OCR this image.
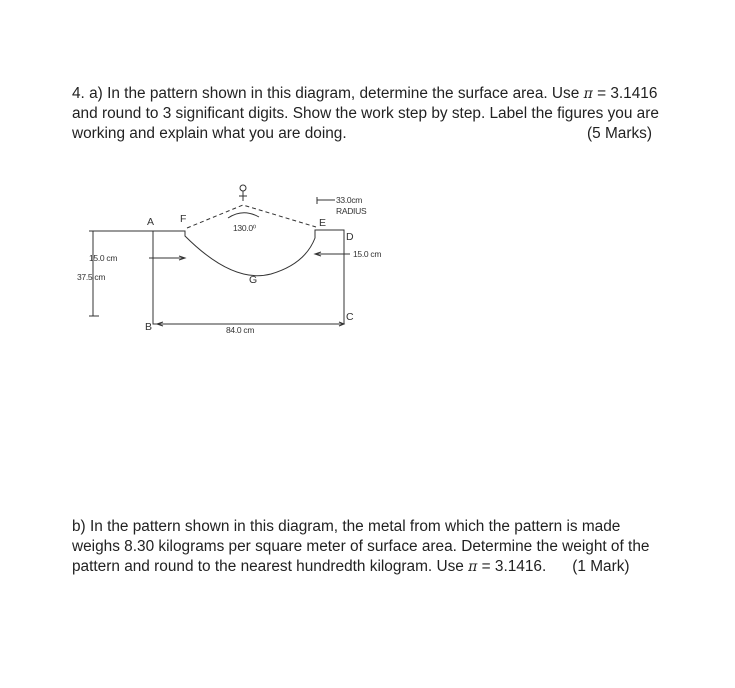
4. a) In the pattern shown in this diagram, determine the surface area. Use π = 3.1416

and round to 3 significant digits. Show the work step by step. Label the figures you are

working and explain what you are doing.	(5 Marks)

A F	E
D
G
B
C
33.0cm
RADIUS
130.0⁰
15.0 cm	15.0 cm
37.5 cm
84.0 cm

b) In the pattern shown in this diagram, the metal from which the pattern is made

weighs 8.30 kilograms per square meter of surface area. Determine the weight of the

pattern and round to the nearest hundredth kilogram. Use π = 3.1416. (1 Mark)
